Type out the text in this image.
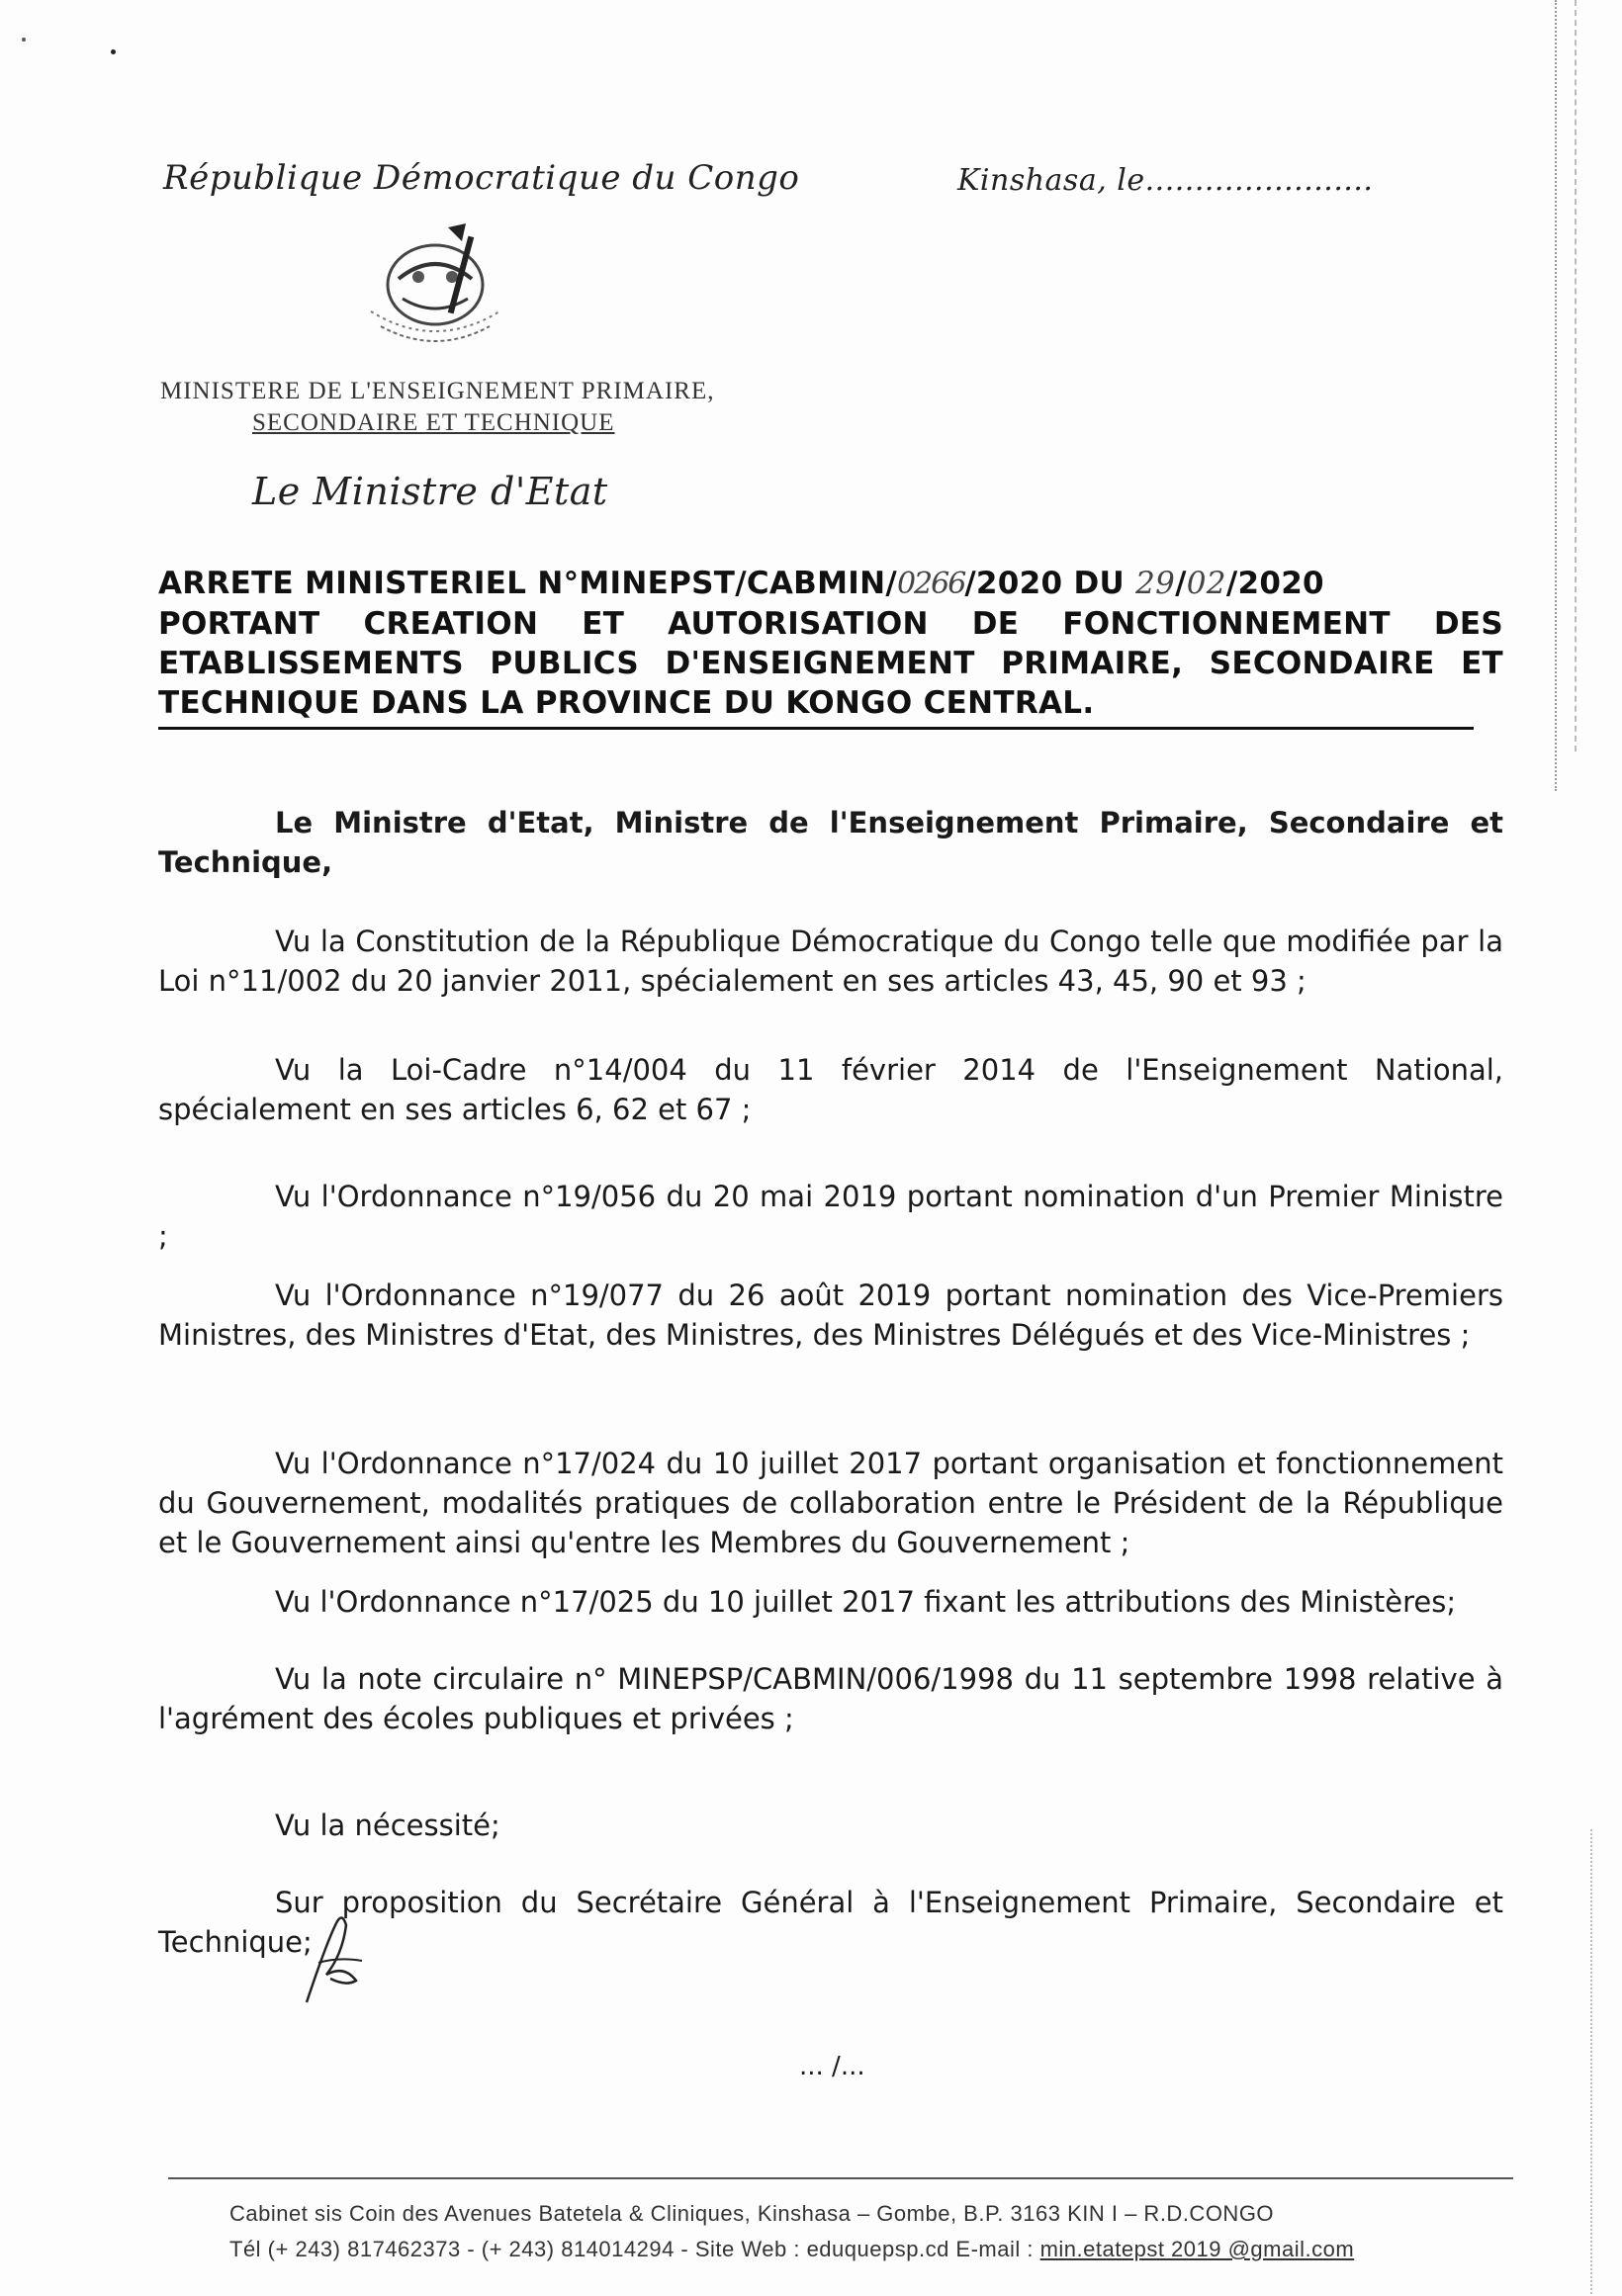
République Démocratique du Congo	Kinshasa, le.......................
MINISTERE DE L'ENSEIGNEMENT PRIMAIRE,
SECONDAIRE ET TECHNIQUE
Le Ministre d'Etat
ARRETE MINISTERIEL N°MINEPST/CABMIN/0266/2020 DU 29/02/2020
PORTANT CREATION ET AUTORISATION DE FONCTIONNEMENT DES
ETABLISSEMENTS PUBLICS D'ENSEIGNEMENT PRIMAIRE, SECONDAIRE ET
TECHNIQUE DANS LA PROVINCE DU KONGO CENTRAL.
Le Ministre d'Etat, Ministre de l'Enseignement Primaire, Secondaire et Technique,
Vu la Constitution de la République Démocratique du Congo telle que modifiée par la Loi n°11/002 du 20 janvier 2011, spécialement en ses articles 43, 45, 90 et 93 ;
Vu la Loi-Cadre n°14/004 du 11 février 2014 de l'Enseignement National, spécialement en ses articles 6, 62 et 67 ;
Vu l'Ordonnance n°19/056 du 20 mai 2019 portant nomination d'un Premier Ministre ;
Vu l'Ordonnance n°19/077 du 26 août 2019 portant nomination des Vice-Premiers Ministres, des Ministres d'Etat, des Ministres, des Ministres Délégués et des Vice-Ministres ;
Vu l'Ordonnance n°17/024 du 10 juillet 2017 portant organisation et fonctionnement du Gouvernement, modalités pratiques de collaboration entre le Président de la République et le Gouvernement ainsi qu'entre les Membres du Gouvernement ;
Vu l'Ordonnance n°17/025 du 10 juillet 2017 fixant les attributions des Ministères;
Vu la note circulaire n° MINEPSP/CABMIN/006/1998 du 11 septembre 1998 relative à l'agrément des écoles publiques et privées ;
Vu la nécessité;
Sur proposition du Secrétaire Général à l'Enseignement Primaire, Secondaire et Technique;
... /...
Cabinet sis Coin des Avenues Batetela & Cliniques, Kinshasa – Gombe, B.P. 3163 KIN I – R.D.CONGO
Tél (+ 243) 817462373 - (+ 243) 814014294 - Site Web : eduquepsp.cd E-mail : min.etatepst 2019 @gmail.com
